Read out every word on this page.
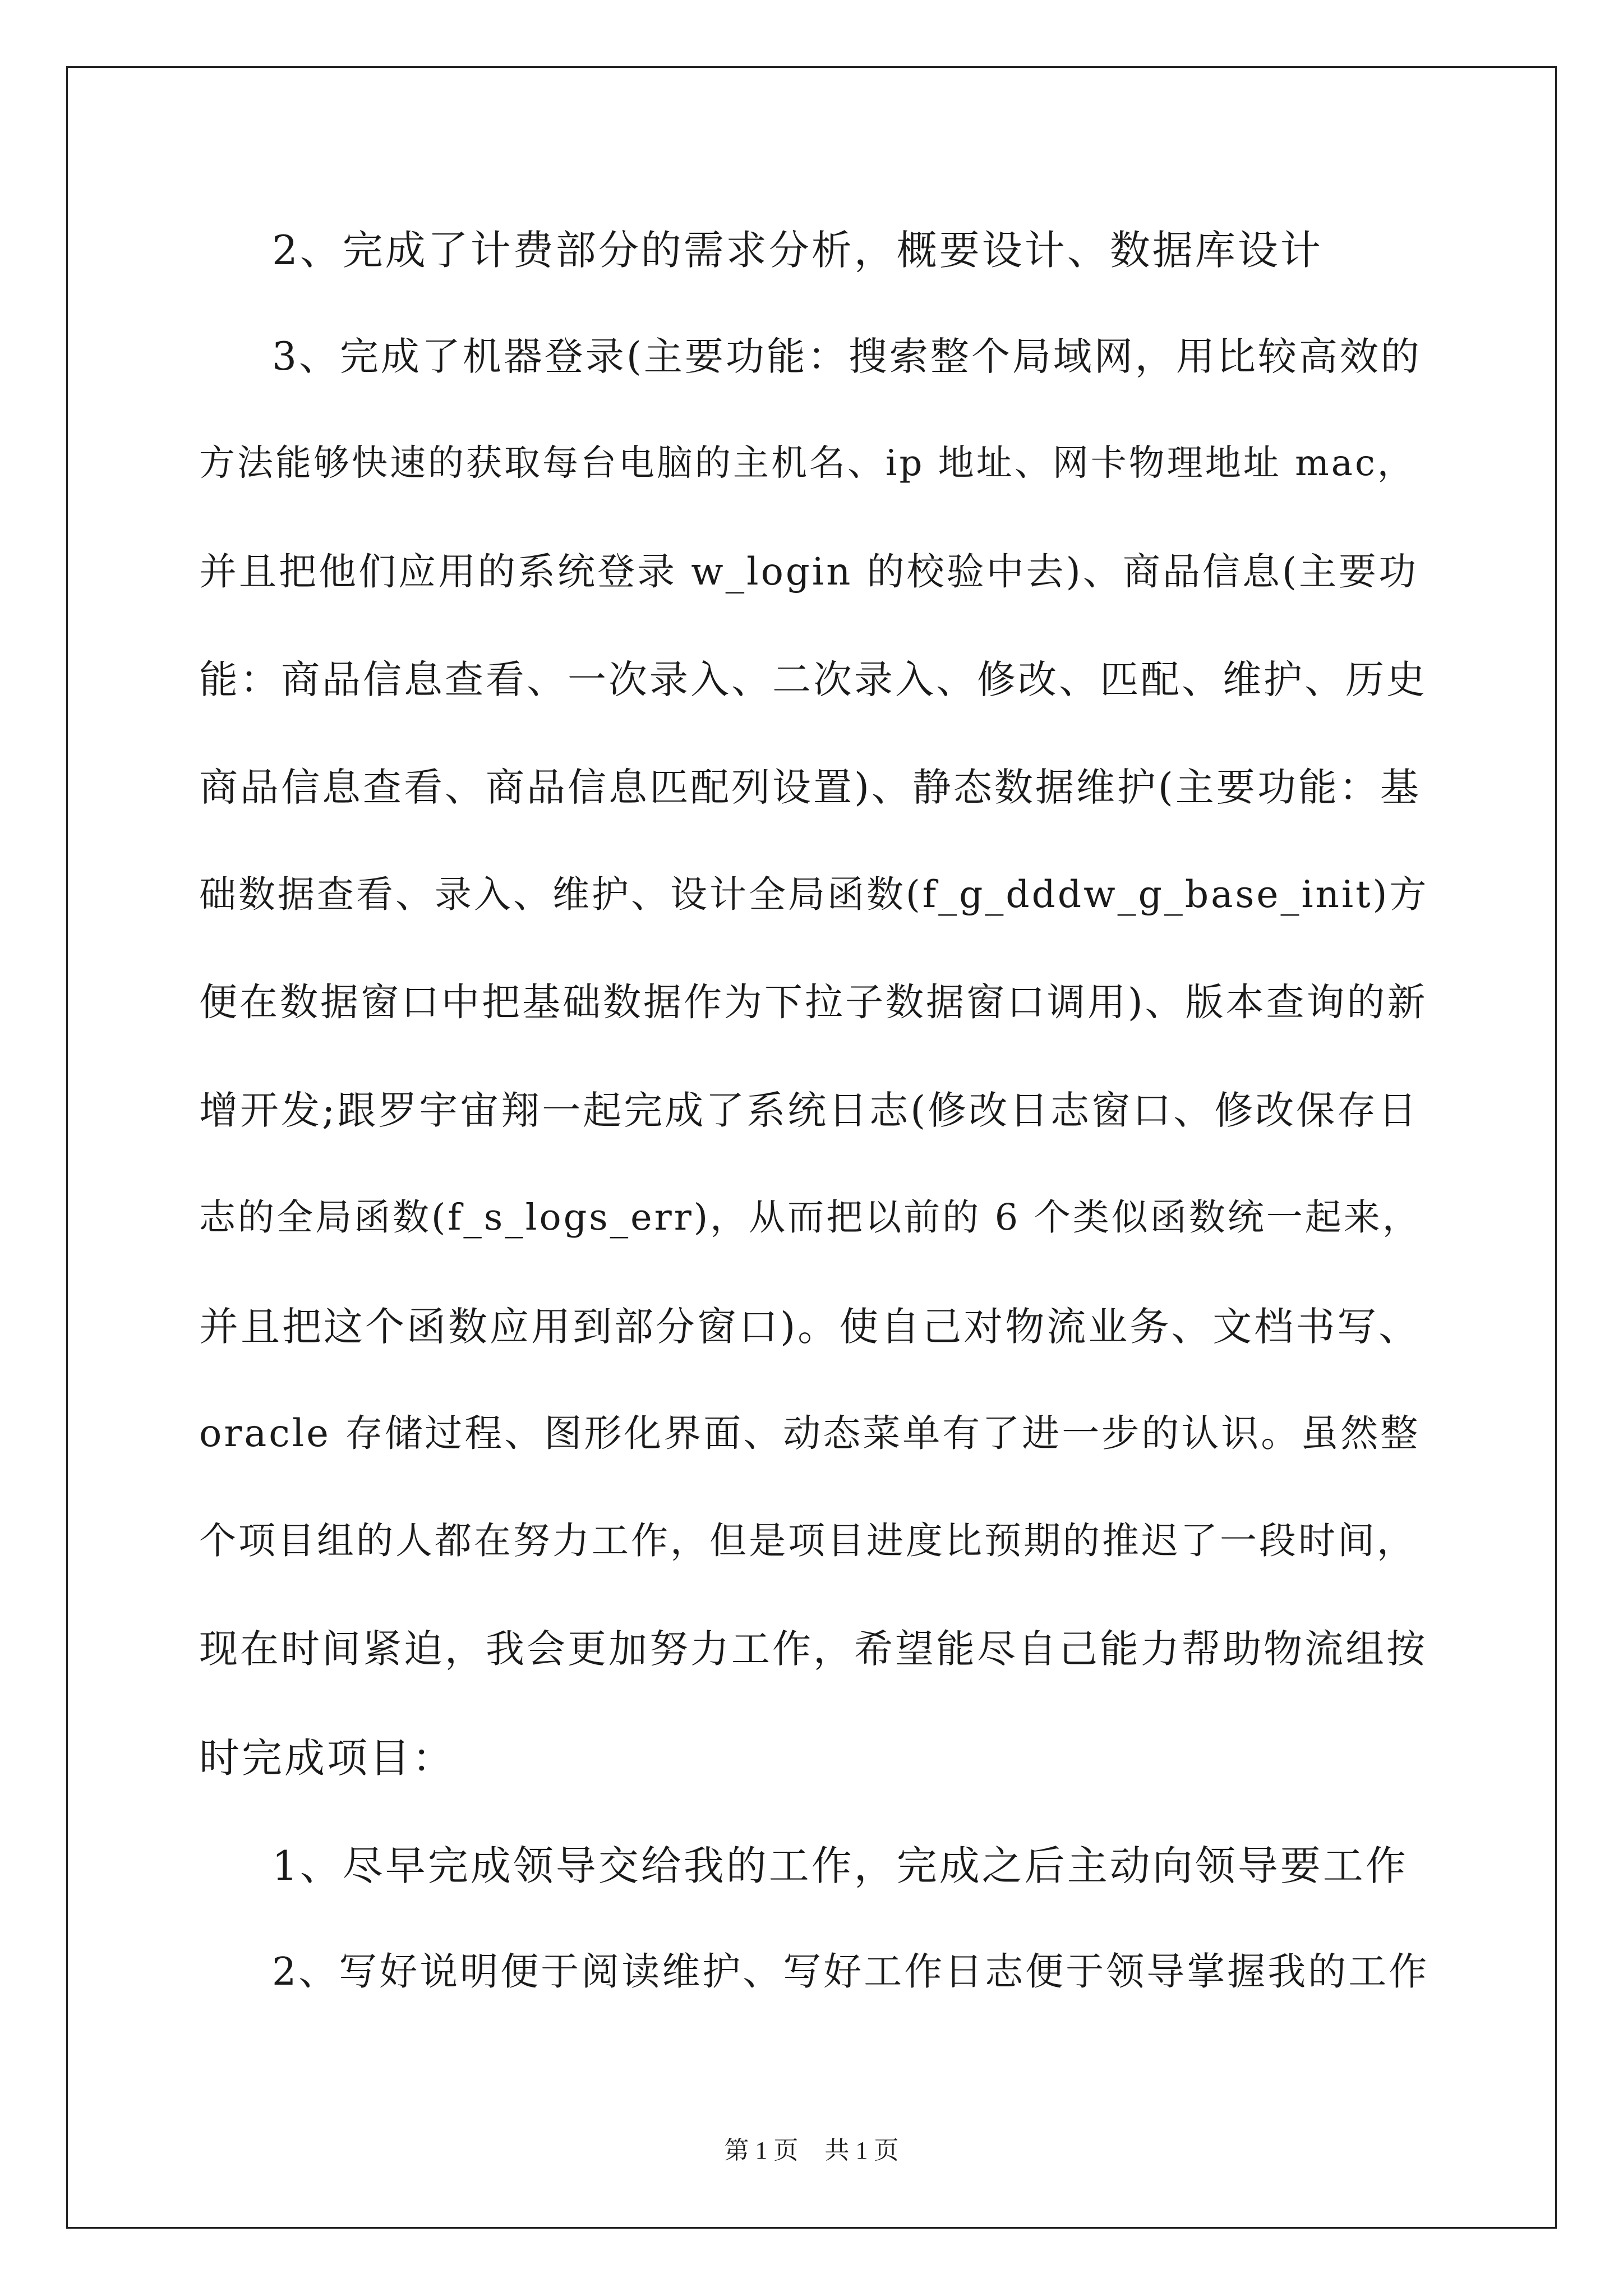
2、完成了计费部分的需求分析，概要设计、数据库设计

3、完成了机器登录(主要功能：搜索整个局域网，用比较高效的

方法能够快速的获取每台电脑的主机名、ip 地址、网卡物理地址 mac，

并且把他们应用的系统登录 w_login 的校验中去)、商品信息(主要功

能：商品信息查看、一次录入、二次录入、修改、匹配、维护、历史

商品信息查看、商品信息匹配列设置)、静态数据维护(主要功能：基

础数据查看、录入、维护、设计全局函数(f_g_dddw_g_base_init)方

便在数据窗口中把基础数据作为下拉子数据窗口调用)、版本查询的新

增开发;跟罗宇宙翔一起完成了系统日志(修改日志窗口、修改保存日

志的全局函数(f_s_logs_err)，从而把以前的 6 个类似函数统一起来，

并且把这个函数应用到部分窗口)。使自己对物流业务、文档书写、

oracle 存储过程、图形化界面、动态菜单有了进一步的认识。虽然整

个项目组的人都在努力工作，但是项目进度比预期的推迟了一段时间，

现在时间紧迫，我会更加努力工作，希望能尽自己能力帮助物流组按

时完成项目：

1、尽早完成领导交给我的工作，完成之后主动向领导要工作

2、写好说明便于阅读维护、写好工作日志便于领导掌握我的工作

第 1 页 共 1 页
